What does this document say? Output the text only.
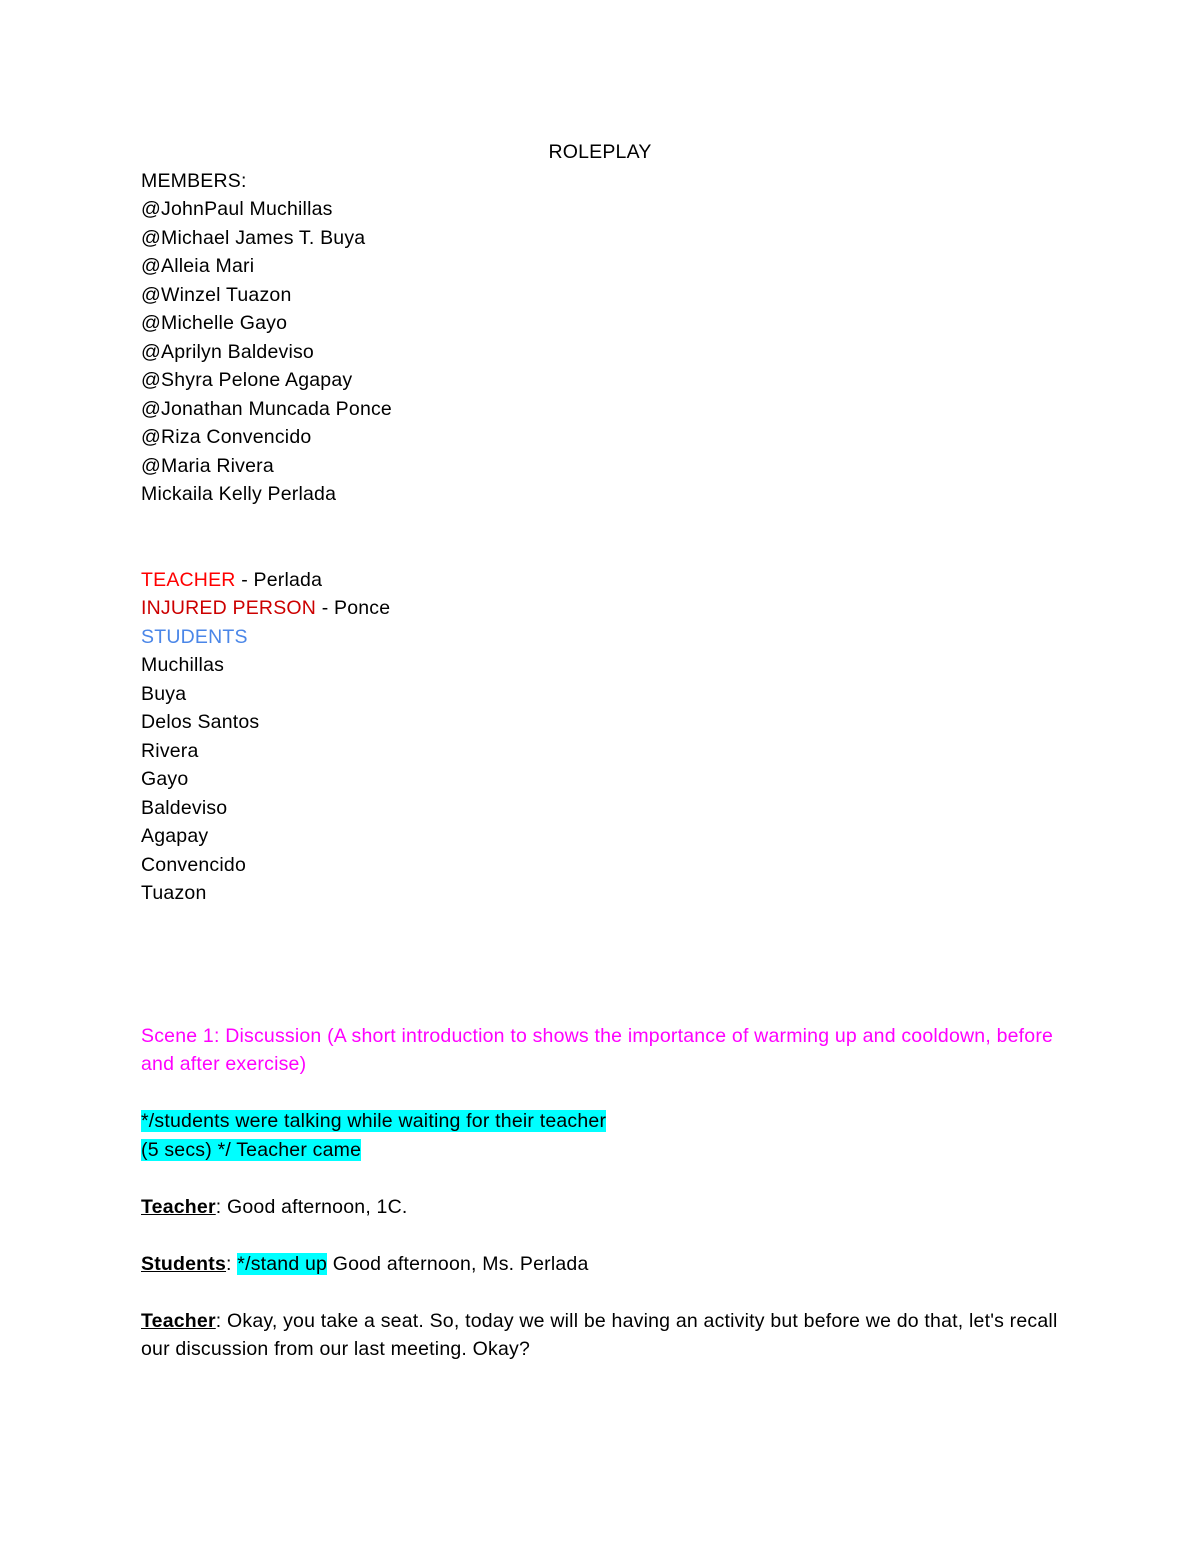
ROLEPLAY
MEMBERS:
@JohnPaul Muchillas
@Michael James T. Buya
@Alleia Mari
@Winzel Tuazon
@Michelle Gayo
@Aprilyn Baldeviso
@Shyra Pelone Agapay
@Jonathan Muncada Ponce
@Riza Convencido
@Maria Rivera
Mickaila Kelly Perlada
TEACHER - Perlada
INJURED PERSON - Ponce
STUDENTS
Muchillas
Buya
Delos Santos
Rivera
Gayo
Baldeviso
Agapay
Convencido
Tuazon
Scene 1: Discussion (A short introduction to shows the importance of warming up and cooldown, before and after exercise)
*/students were talking while waiting for their teacher
(5 secs) */ Teacher came
Teacher: Good afternoon, 1C.
Students: */stand up Good afternoon, Ms. Perlada
Teacher: Okay, you take a seat. So, today we will be having an activity but before we do that, let's recall our discussion from our last meeting. Okay?
